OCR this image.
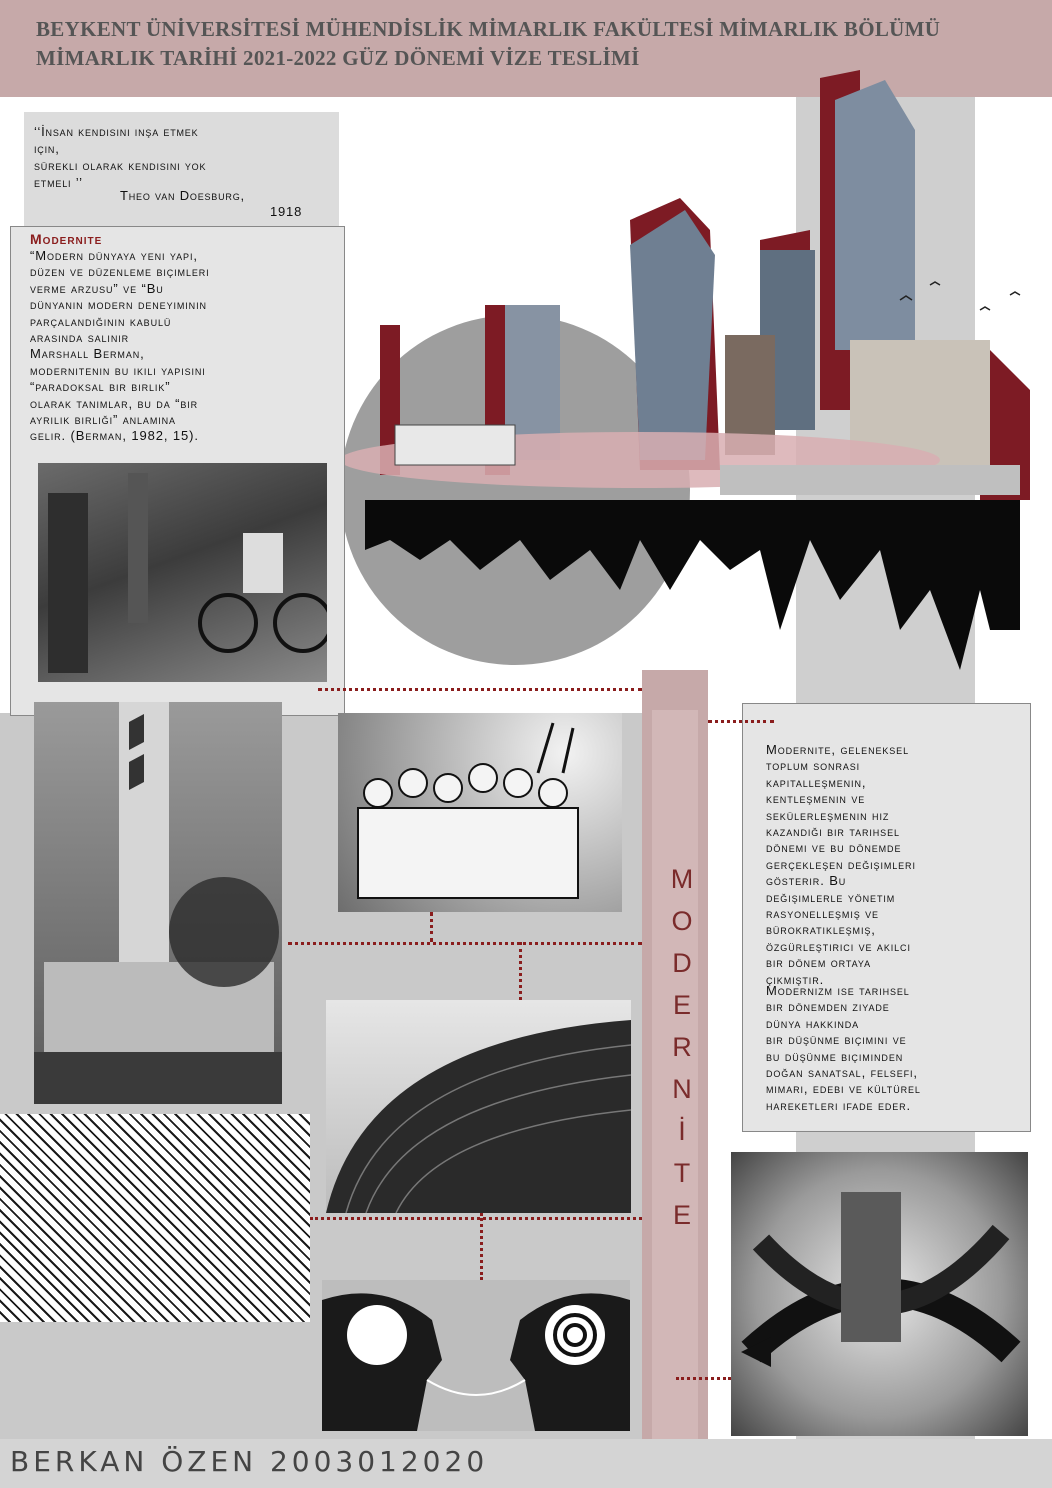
BEYKENT ÜNİVERSİTESİ MÜHENDİSLİK MİMARLIK FAKÜLTESİ MİMARLIK BÖLÜMÜ
MİMARLIK TARİHİ 2021-2022 GÜZ DÖNEMİ VİZE TESLİMİ
‘‘İnsan kendisini inşa etmek
için,
sürekli olarak kendisini yok
etmeli ’’
Theo van Doesburg,
1918
Modernite
“Modern dünyaya yeni yapı,
düzen ve düzenleme biçimleri
verme arzusu” ve “Bu
dünyanın modern deneyiminin
parçalandığının kabulü
arasında salınır
Marshall Berman,
modernitenin bu ikili yapısını
“paradoksal bir birlik”
olarak tanımlar, bu da “bir
ayrılık birliği” anlamına
gelir. (Berman, 1982, 15).
Modernite, geleneksel
toplum sonrası
kapitalleşmenin,
kentleşmenin ve
sekülerleşmenin hız
kazandığı bir tarihsel
dönemi ve bu dönemde
gerçekleşen değişimleri
gösterir. Bu
değişimlerle yönetim
rasyonelleşmiş ve
bürokratikleşmiş,
özgürleştirici ve akılcı
bir dönem ortaya
çıkmıştır.
Modernizm ise tarihsel
bir dönemden ziyade
dünya hakkında
bir düşünme biçimini ve
bu düşünme biçiminden
doğan sanatsal, felsefi,
mimari, edebi ve kültürel
hareketleri ifade eder.
M
O
D
E
R
N
İ
T
E
BERKAN ÖZEN 2003012020
